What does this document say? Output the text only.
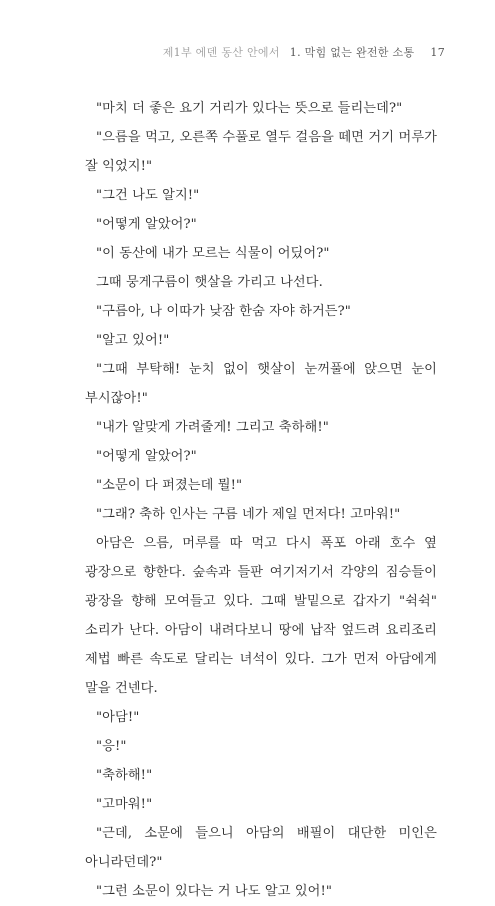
제1부 에덴 동산 안에서 1. 막힘 없는 완전한 소통 17

"마치 더 좋은 요기 거리가 있다는 뜻으로 들리는데?"

"으름을 먹고, 오른쪽 수풀로 열두 걸음을 떼면 거기 머루가 잘 익었지!"

"그건 나도 알지!"

"어떻게 알았어?"

"이 동산에 내가 모르는 식물이 어딨어?"

그때 뭉게구름이 햇살을 가리고 나선다.

"구름아, 나 이따가 낮잠 한숨 자야 하거든?"

"알고 있어!"

"그때 부탁해! 눈치 없이 햇살이 눈꺼풀에 앉으면 눈이 부시잖아!"

"내가 알맞게 가려줄게! 그리고 축하해!"

"어떻게 알았어?"

"소문이 다 퍼졌는데 뭘!"

"그래? 축하 인사는 구름 네가 제일 먼저다! 고마워!"

아담은 으름, 머루를 따 먹고 다시 폭포 아래 호수 옆 광장으로 향한다. 숲속과 들판 여기저기서 각양의 짐승들이 광장을 향해 모여들고 있다. 그때 발밑으로 갑자기 "쉭쉭" 소리가 난다. 아담이 내려다보니 땅에 납작 엎드려 요리조리 제법 빠른 속도로 달리는 녀석이 있다. 그가 먼저 아담에게 말을 건넨다.

"아담!"

"응!"

"축하해!"

"고마워!"

"근데, 소문에 들으니 아담의 배필이 대단한 미인은 아니라던데?"

"그런 소문이 있다는 거 나도 알고 있어!"
